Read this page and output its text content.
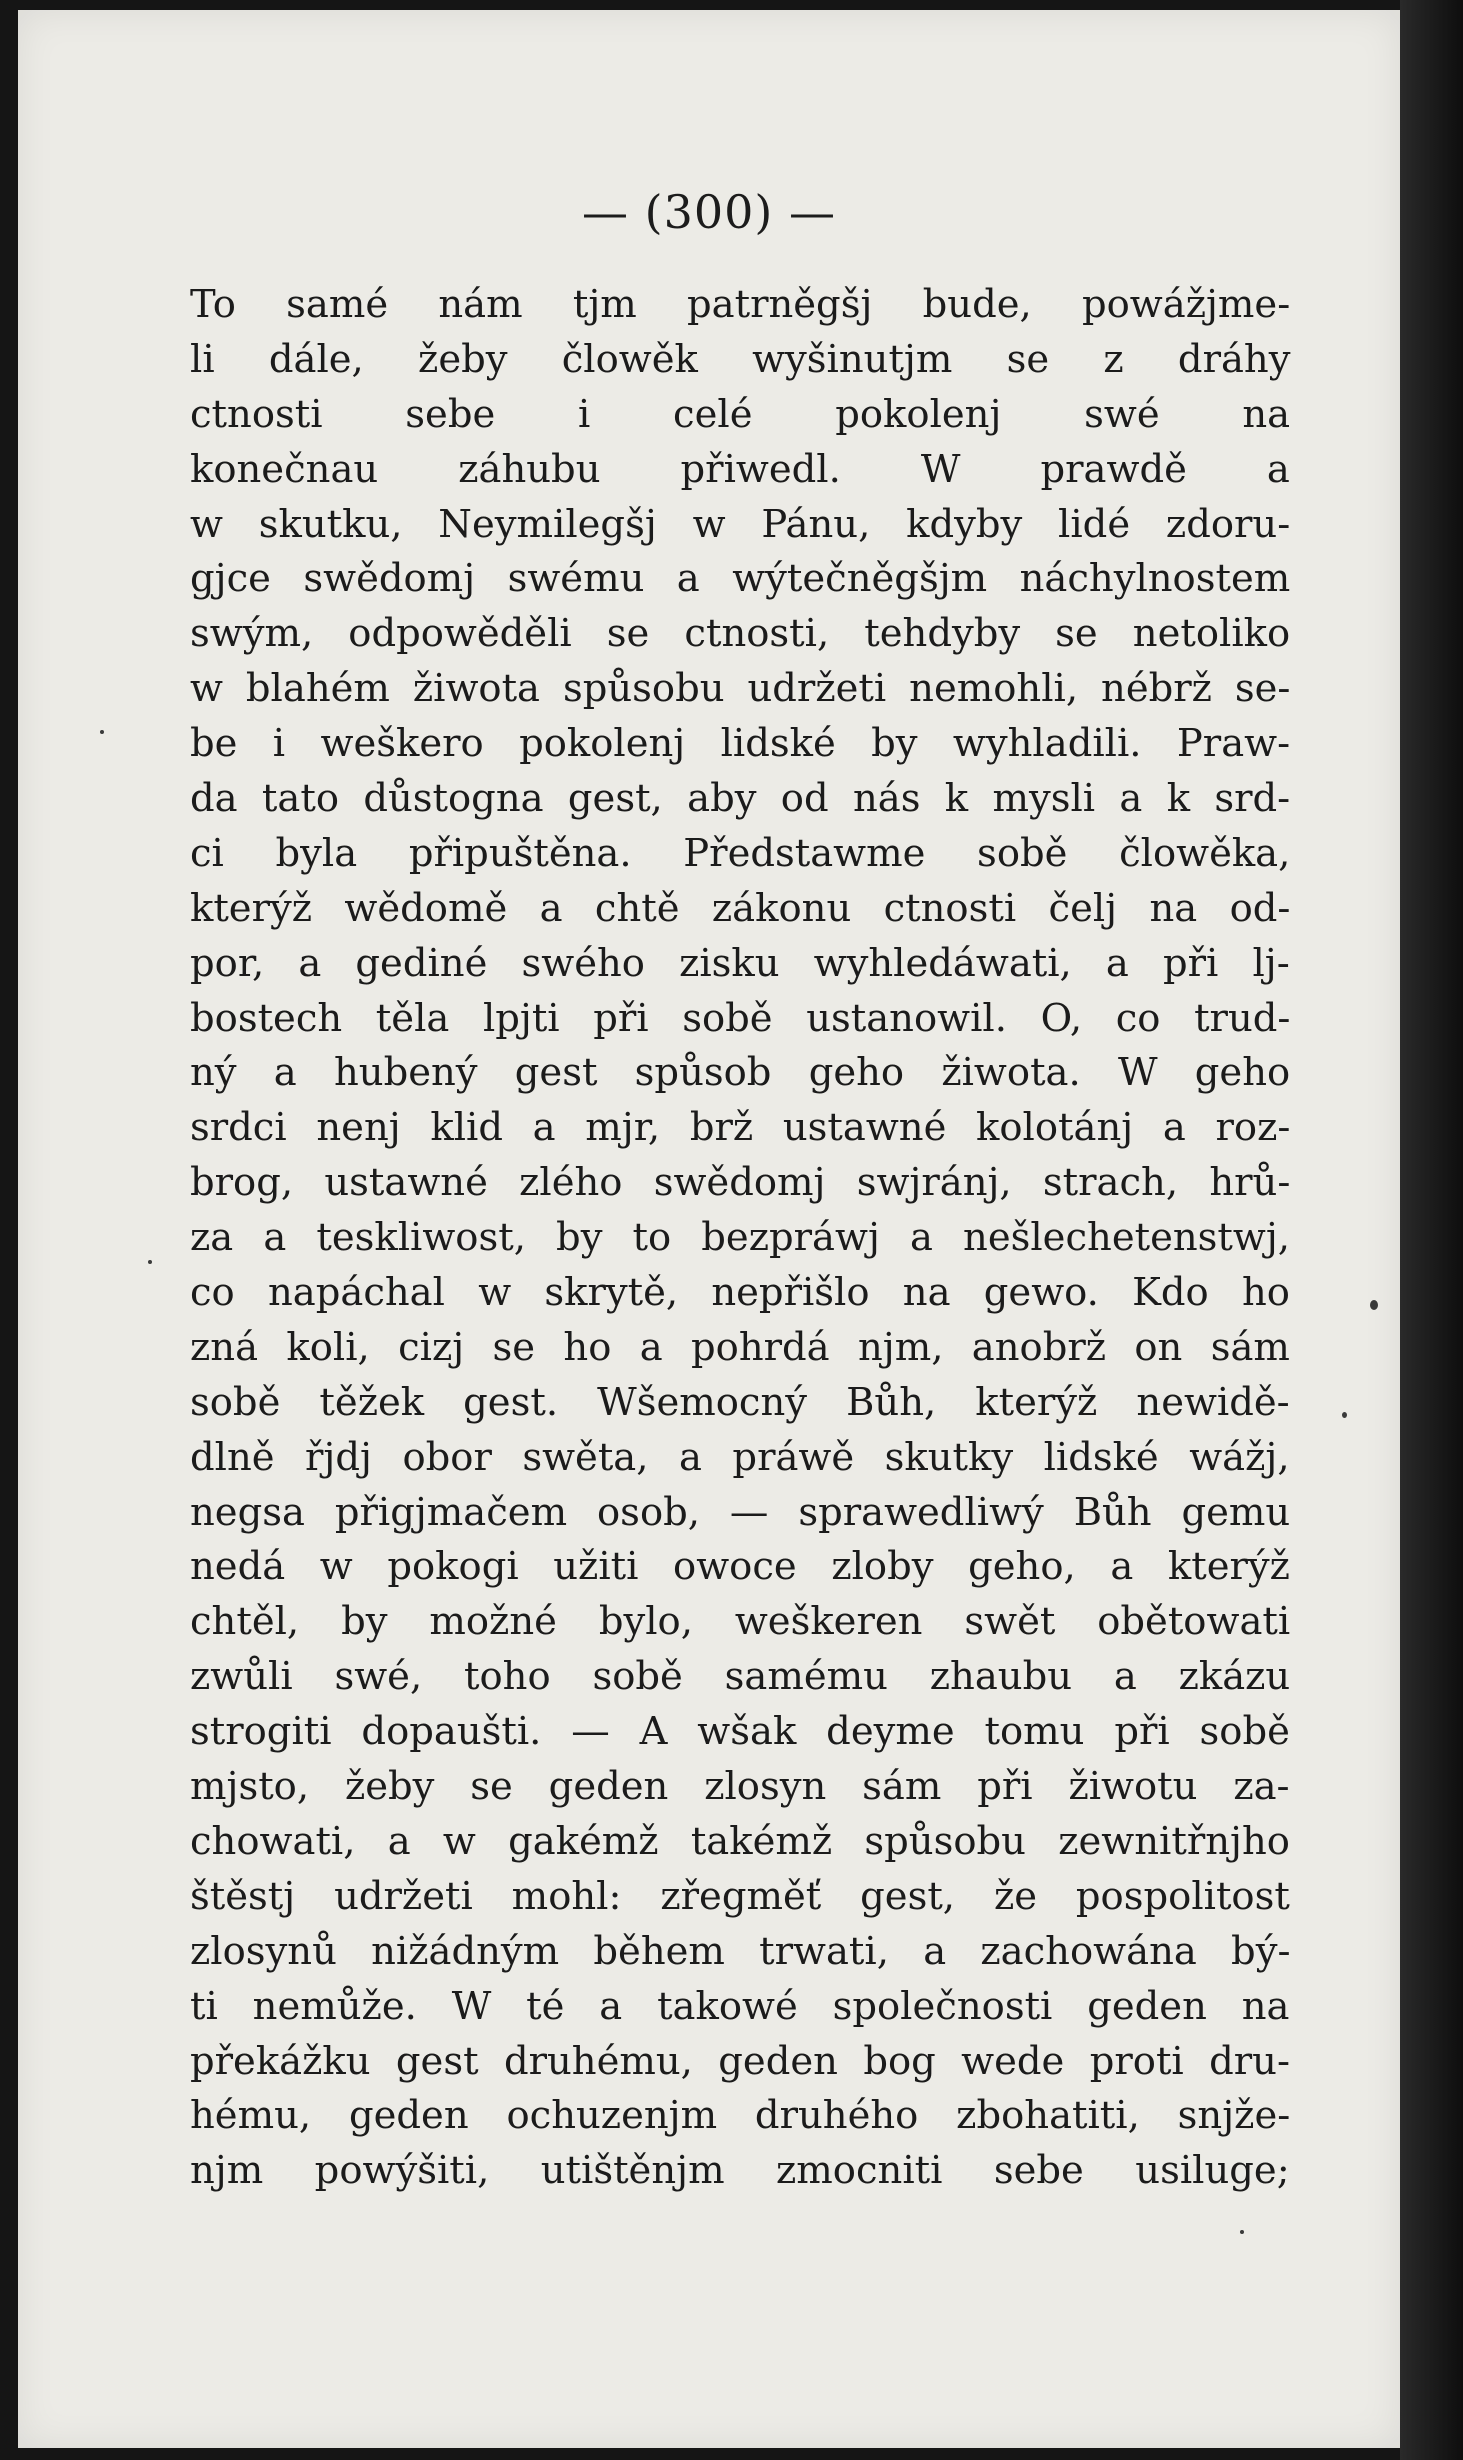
— (300) —
To samé nám tjm patrněgšj bude, powážjme-
li dále, žeby člowěk wyšinutjm se z dráhy
ctnosti sebe i celé pokolenj swé na
konečnau záhubu přiwedl. W prawdě a
w skutku, Neymilegšj w Pánu, kdyby lidé zdoru-
gjce swědomj swému a wýtečněgšjm náchylnostem
swým, odpowěděli se ctnosti, tehdyby se netoliko
w blahém žiwota spůsobu udržeti nemohli, nébrž se-
be i weškero pokolenj lidské by wyhladili. Praw-
da tato důstogna gest, aby od nás k mysli a k srd-
ci byla připuštěna. Předstawme sobě člowěka,
kterýž wědomě a chtě zákonu ctnosti čelj na od-
por, a gediné swého zisku wyhledáwati, a při lj-
bostech těla lpjti při sobě ustanowil. O, co trud-
ný a hubený gest spůsob geho žiwota. W geho
srdci nenj klid a mjr, brž ustawné kolotánj a roz-
brog, ustawné zlého swědomj swjránj, strach, hrů-
za a teskliwost, by to bezpráwj a nešlechetenstwj,
co napáchal w skrytě, nepřišlo na gewo. Kdo ho
zná koli, cizj se ho a pohrdá njm, anobrž on sám
sobě těžek gest. Wšemocný Bůh, kterýž newidě-
dlně řjdj obor swěta, a práwě skutky lidské wážj,
negsa přigjmačem osob, — sprawedliwý Bůh gemu
nedá w pokogi užiti owoce zloby geho, a kterýž
chtěl, by možné bylo, weškeren swět obětowati
zwůli swé, toho sobě samému zhaubu a zkázu
strogiti dopaušti. — A wšak deyme tomu při sobě
mjsto, žeby se geden zlosyn sám při žiwotu za-
chowati, a w gakémž takémž spůsobu zewnitřnjho
štěstj udržeti mohl: zřegměť gest, že pospolitost
zlosynů nižádným během trwati, a zachowána bý-
ti nemůže. W té a takowé společnosti geden na
překážku gest druhému, geden bog wede proti dru-
hému, geden ochuzenjm druhého zbohatiti, snjže-
njm powýšiti, utištěnjm zmocniti sebe usiluge;
